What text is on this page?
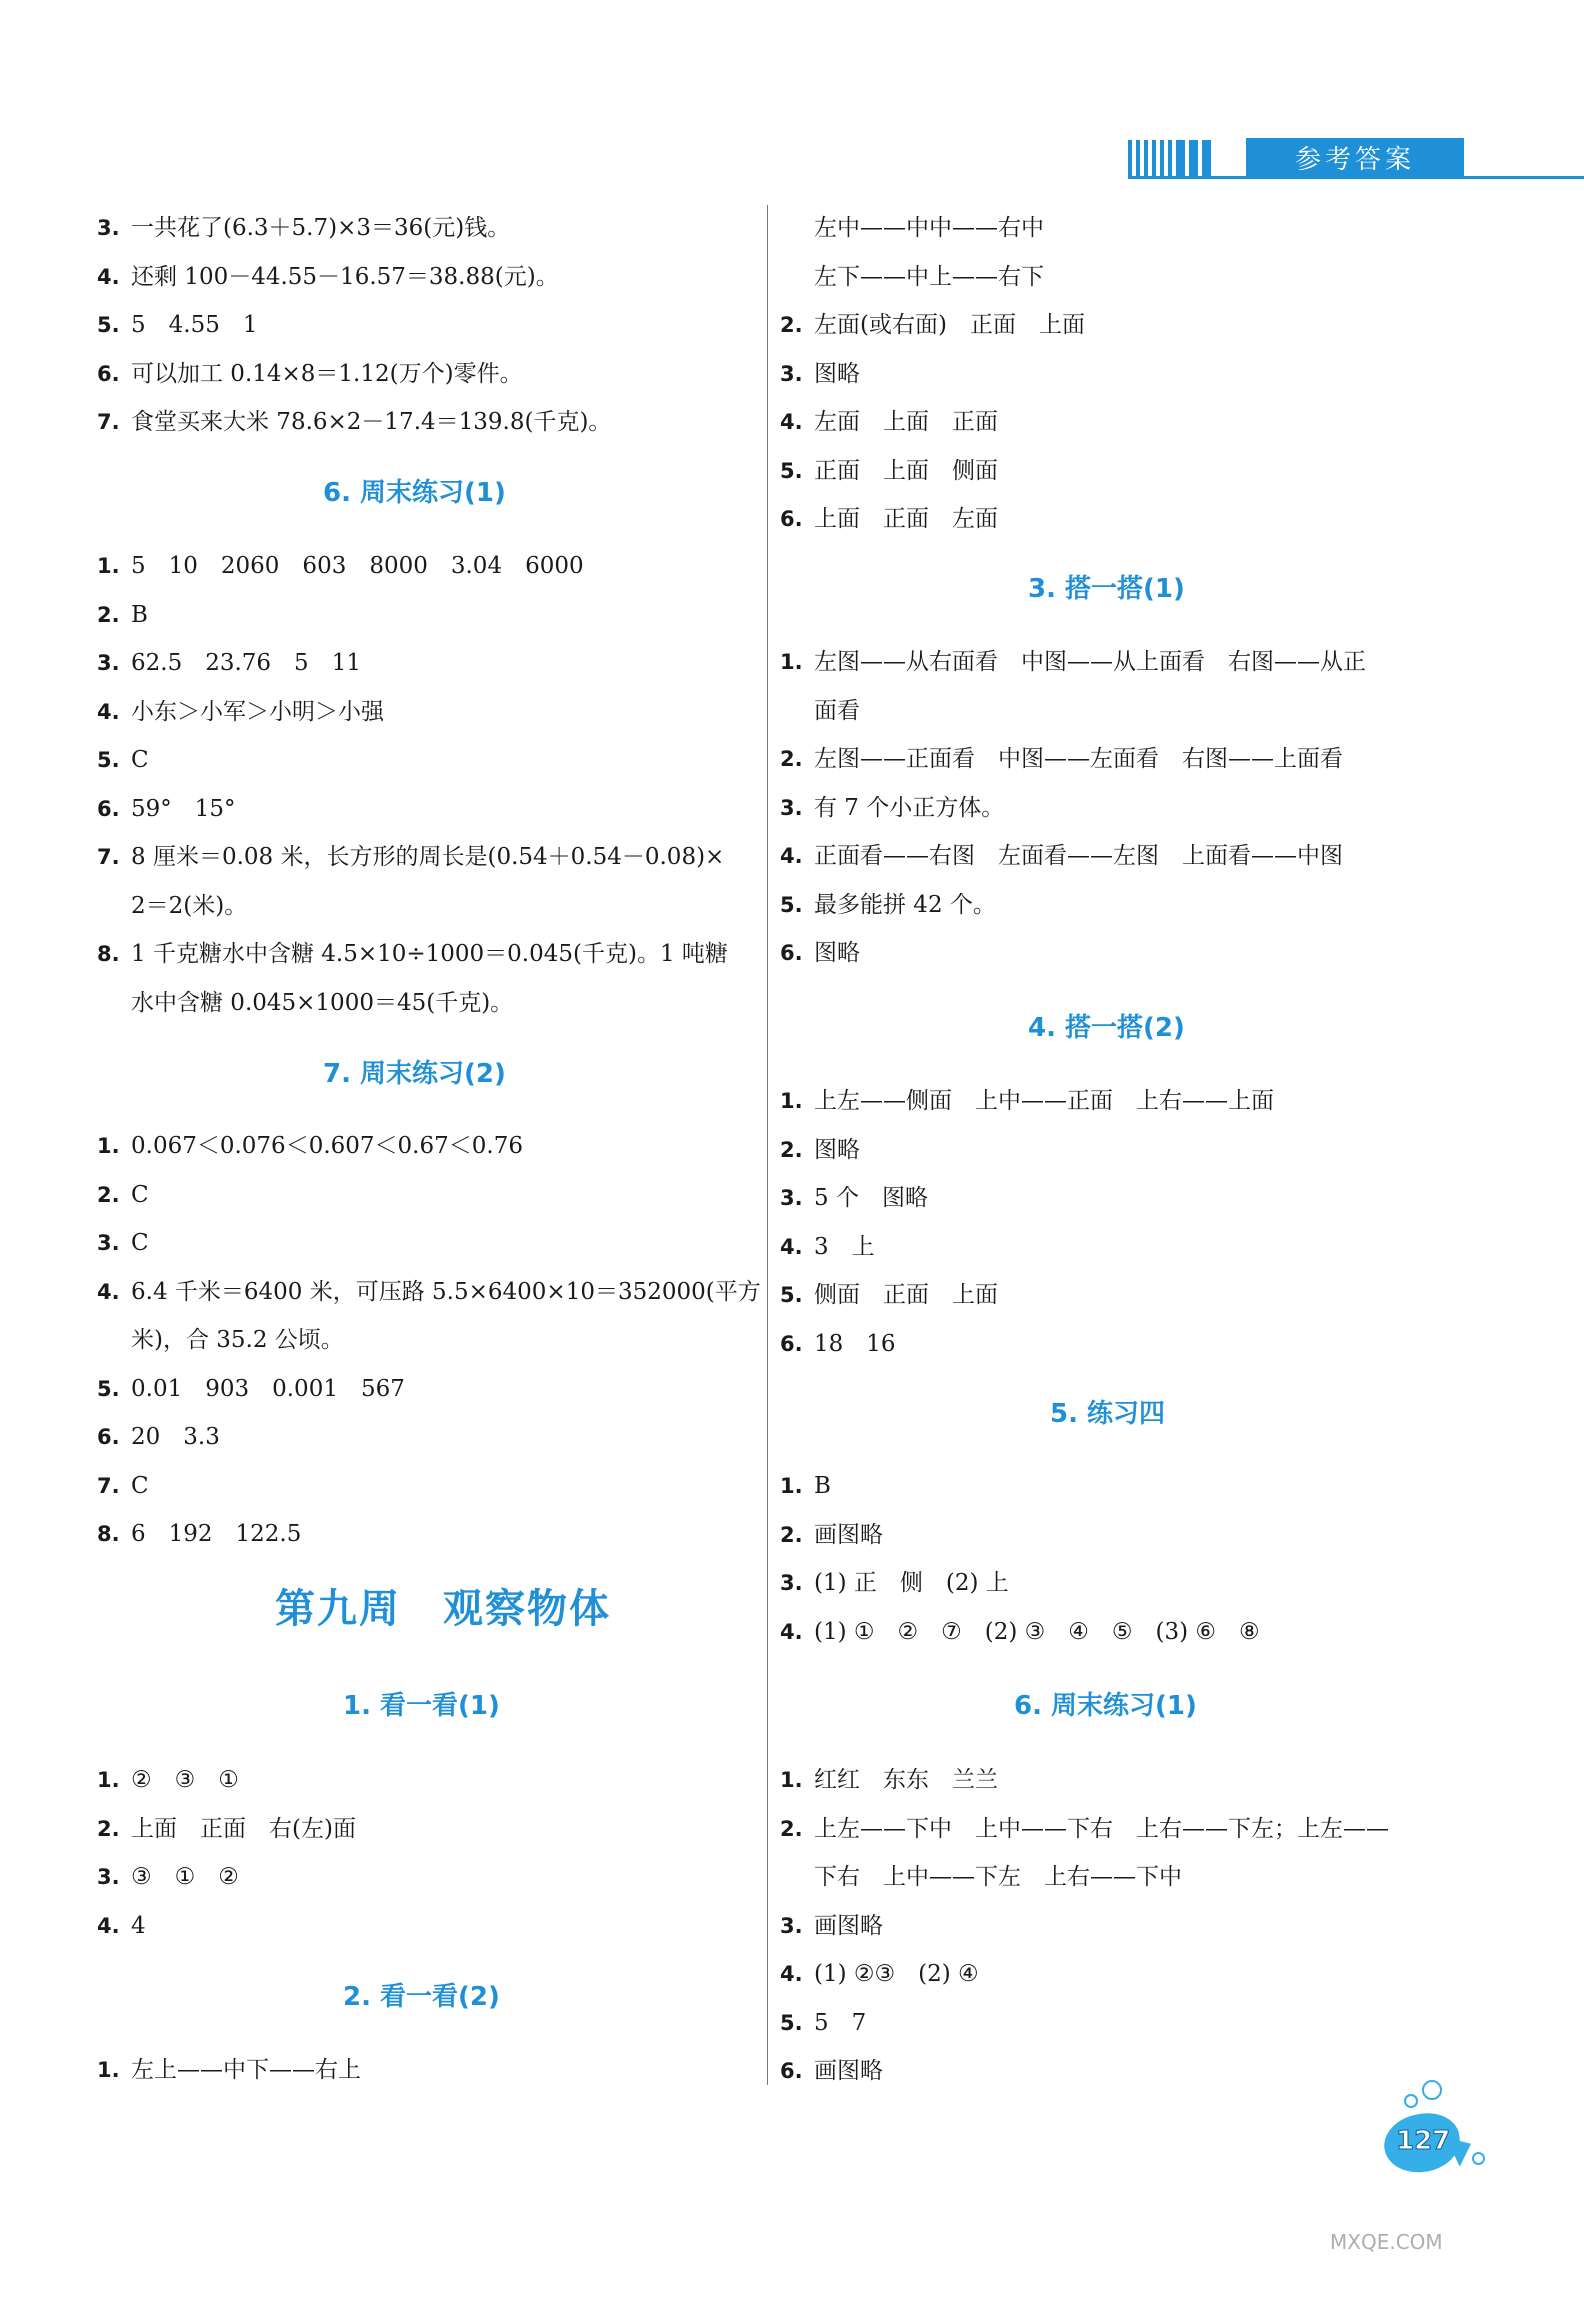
参考答案
3. 一共花了(6.3＋5.7)×3＝36(元)钱。
4. 还剩 100－44.55－16.57＝38.88(元)。
5. 5　4.55　1
6. 可以加工 0.14×8＝1.12(万个)零件。
7. 食堂买来大米 78.6×2－17.4＝139.8(千克)。
6. 周末练习(1)
1. 5　10　2060　603　8000　3.04　6000
2. B
3. 62.5　23.76　5　11
4. 小东＞小军＞小明＞小强
5. C
6. 59°　15°
7. 8 厘米＝0.08 米，长方形的周长是(0.54＋0.54－0.08)×
2＝2(米)。
8. 1 千克糖水中含糖 4.5×10÷1000＝0.045(千克)。1 吨糖
水中含糖 0.045×1000＝45(千克)。
7. 周末练习(2)
1. 0.067＜0.076＜0.607＜0.67＜0.76
2. C
3. C
4. 6.4 千米＝6400 米，可压路 5.5×6400×10＝352000(平方
米)，合 35.2 公顷。
5. 0.01　903　0.001　567
6. 20　3.3
7. C
8. 6　192　122.5
第九周　观察物体
1. 看一看(1)
1. ②　③　①
2. 上面　正面　右(左)面
3. ③　①　②
4. 4
2. 看一看(2)
1. 左上——中下——右上
左中——中中——右中
左下——中上——右下
2. 左面(或右面)　正面　上面
3. 图略
4. 左面　上面　正面
5. 正面　上面　侧面
6. 上面　正面　左面
3. 搭一搭(1)
1. 左图——从右面看　中图——从上面看　右图——从正
面看
2. 左图——正面看　中图——左面看　右图——上面看
3. 有 7 个小正方体。
4. 正面看——右图　左面看——左图　上面看——中图
5. 最多能拼 42 个。
6. 图略
4. 搭一搭(2)
1. 上左——侧面　上中——正面　上右——上面
2. 图略
3. 5 个　图略
4. 3　上
5. 侧面　正面　上面
6. 18　16
5. 练习四
1. B
2. 画图略
3. (1) 正　侧　(2) 上
4. (1) ①　②　⑦　(2) ③　④　⑤　(3) ⑥　⑧
6. 周末练习(1)
1. 红红　东东　兰兰
2. 上左——下中　上中——下右　上右——下左；上左——
下右　上中——下左　上右——下中
3. 画图略
4. (1) ②③　(2) ④
5. 5　7
6. 画图略
127
MXQE.COM
